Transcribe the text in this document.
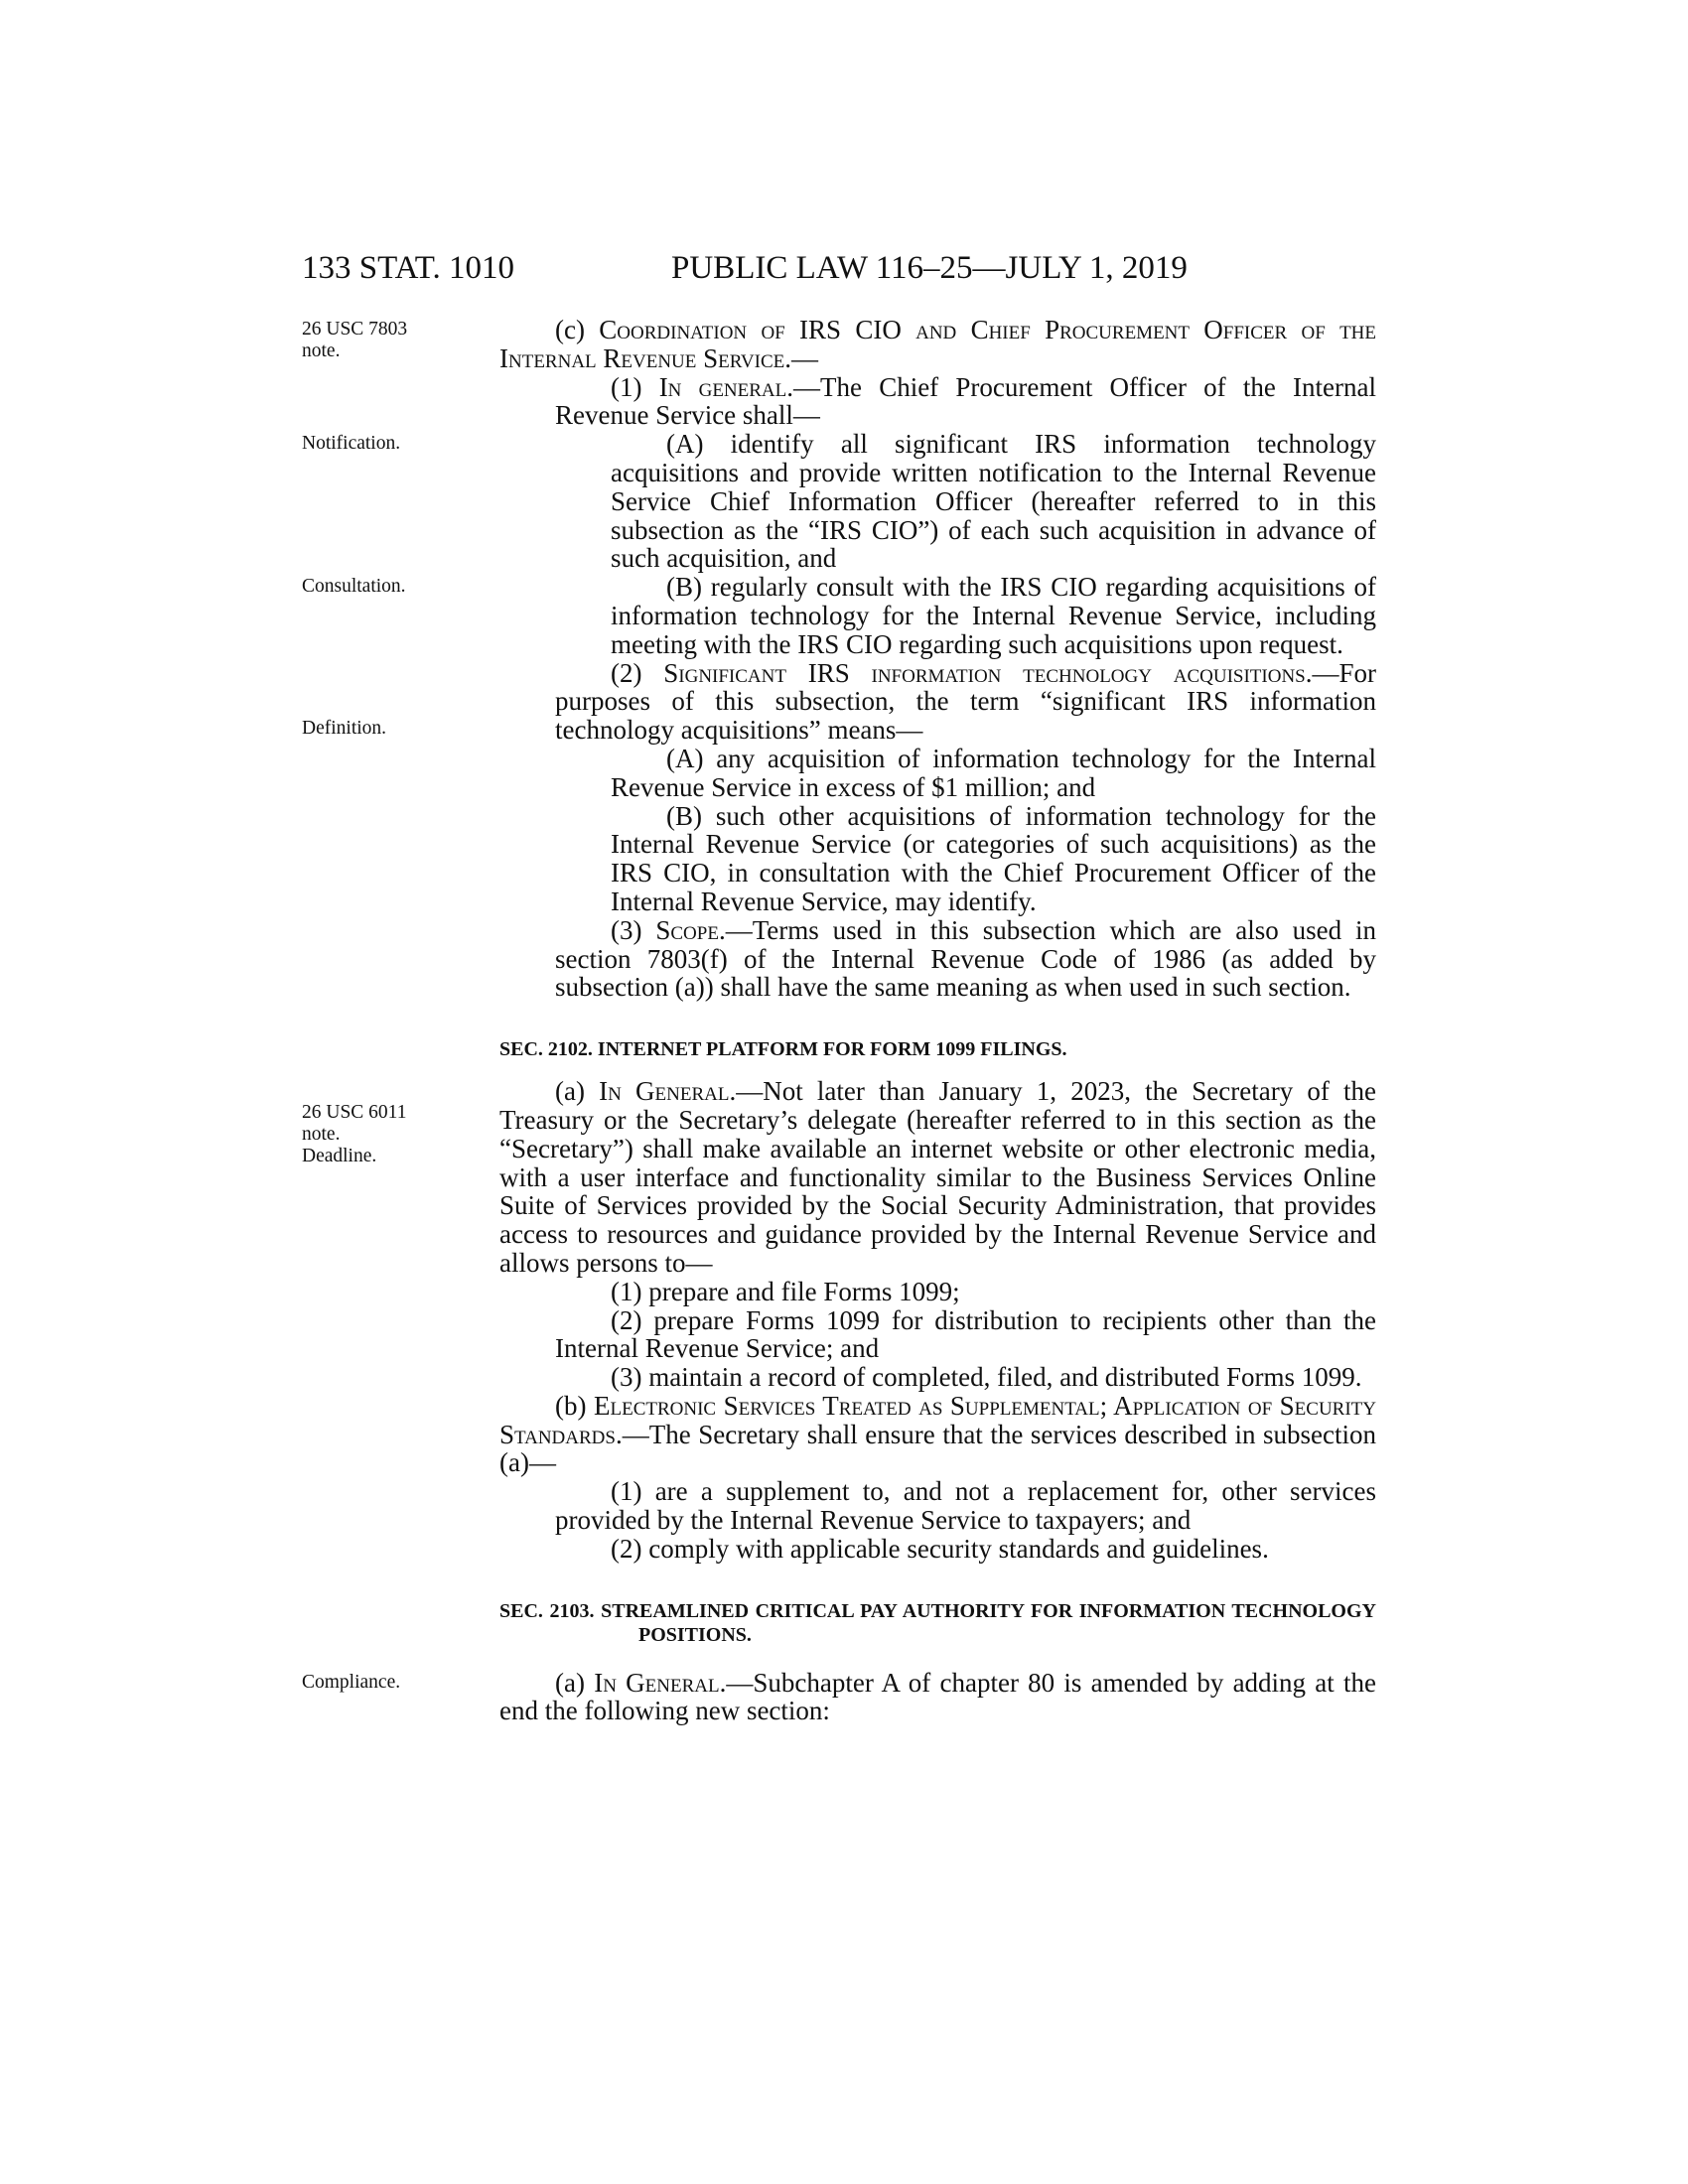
133 STAT. 1010	PUBLIC LAW 116–25—JULY 1, 2019
26 USC 7803
note.
Notification.
Consultation.
Definition.
26 USC 6011
note.
Deadline.
Compliance.

(c) Coordination of IRS CIO and Chief Procurement Officer of the Internal Revenue Service.—

(1) In general.—The Chief Procurement Officer of the Internal Revenue Service shall—

(A) identify all significant IRS information technology acquisitions and provide written notification to the Internal Revenue Service Chief Information Officer (hereafter referred to in this subsection as the “IRS CIO”) of each such acquisition in advance of such acquisition, and

(B) regularly consult with the IRS CIO regarding acquisitions of information technology for the Internal Revenue Service, including meeting with the IRS CIO regarding such acquisitions upon request.

(2) Significant IRS information technology acquisitions.—For purposes of this subsection, the term “significant IRS information technology acquisitions” means—

(A) any acquisition of information technology for the Internal Revenue Service in excess of $1 million; and

(B) such other acquisitions of information technology for the Internal Revenue Service (or categories of such acquisitions) as the IRS CIO, in consultation with the Chief Procurement Officer of the Internal Revenue Service, may identify.

(3) Scope.—Terms used in this subsection which are also used in section 7803(f) of the Internal Revenue Code of 1986 (as added by subsection (a)) shall have the same meaning as when used in such section.

SEC. 2102. INTERNET PLATFORM FOR FORM 1099 FILINGS.

(a) In General.—Not later than January 1, 2023, the Secretary of the Treasury or the Secretary’s delegate (hereafter referred to in this section as the “Secretary”) shall make available an internet website or other electronic media, with a user interface and functionality similar to the Business Services Online Suite of Services provided by the Social Security Administration, that provides access to resources and guidance provided by the Internal Revenue Service and allows persons to—

(1) prepare and file Forms 1099;

(2) prepare Forms 1099 for distribution to recipients other than the Internal Revenue Service; and

(3) maintain a record of completed, filed, and distributed Forms 1099.

(b) Electronic Services Treated as Supplemental; Application of Security Standards.—The Secretary shall ensure that the services described in subsection (a)—

(1) are a supplement to, and not a replacement for, other services provided by the Internal Revenue Service to taxpayers; and

(2) comply with applicable security standards and guidelines.

SEC. 2103. STREAMLINED CRITICAL PAY AUTHORITY FOR INFORMATION TECHNOLOGY POSITIONS.

(a) In General.—Subchapter A of chapter 80 is amended by adding at the end the following new section:
